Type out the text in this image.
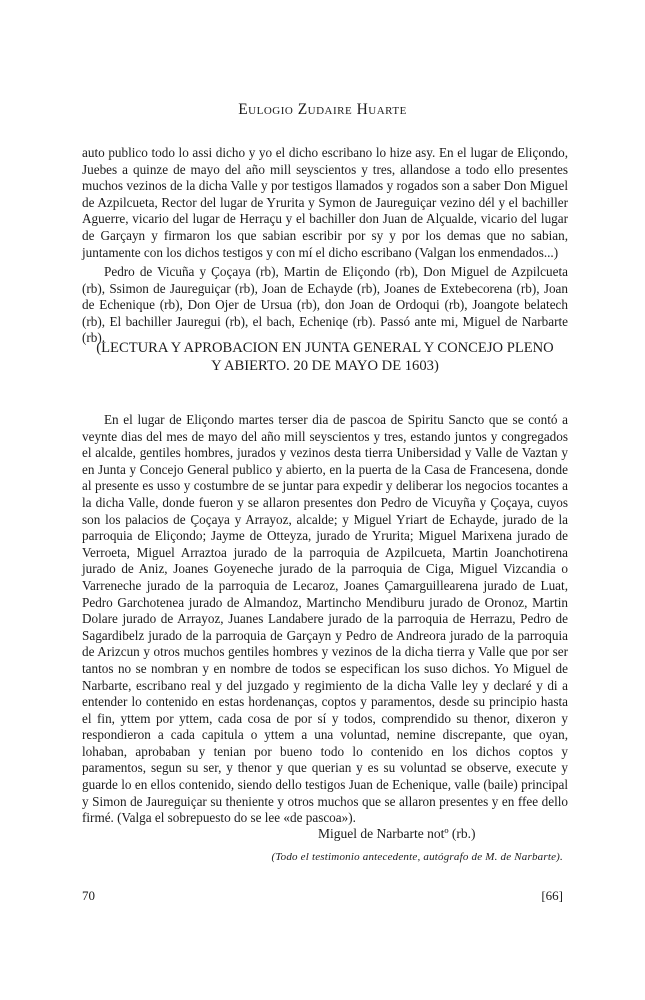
Eulogio Zudaire Huarte
auto publico todo lo assi dicho y yo el dicho escribano lo hize asy. En el lugar de Eliçondo, Juebes a quinze de mayo del año mill seyscientos y tres, allandose a todo ello presentes muchos vezinos de la dicha Valle y por testigos llamados y rogados son a saber Don Miguel de Azpilcueta, Rector del lugar de Yrurita y Symon de Jaureguiçar vezino dél y el bachiller Aguerre, vicario del lugar de Herraçu y el bachiller don Juan de Alçualde, vicario del lugar de Garçayn y firmaron los que sabian escribir por sy y por los demas que no sabian, juntamente con los dichos testigos y con mí el dicho escribano (Valgan los enmendados...)
Pedro de Vicuña y Çoçaya (rb), Martin de Eliçondo (rb), Don Miguel de Azpilcueta (rb), Ssimon de Jaureguiçar (rb), Joan de Echayde (rb), Joanes de Extebecorena (rb), Joan de Echenique (rb), Don Ojer de Ursua (rb), don Joan de Ordoqui (rb), Joangote belatech (rb), El bachiller Jauregui (rb), el bach, Echeniqe (rb). Passó ante mi, Miguel de Narbarte (rb).
(LECTURA Y APROBACION EN JUNTA GENERAL Y CONCEJO PLENO
Y ABIERTO. 20 DE MAYO DE 1603)
En el lugar de Eliçondo martes terser dia de pascoa de Spiritu Sancto que se contó a veynte dias del mes de mayo del año mill seyscientos y tres, estando juntos y congregados el alcalde, gentiles hombres, jurados y vezinos desta tierra Unibersidad y Valle de Vaztan y en Junta y Concejo General publico y abierto, en la puerta de la Casa de Francesena, donde al presente es usso y costumbre de se juntar para expedir y deliberar los negocios tocantes a la dicha Valle, donde fueron y se allaron presentes don Pedro de Vicuyña y Çoçaya, cuyos son los palacios de Çoçaya y Arrayoz, alcalde; y Miguel Yriart de Echayde, jurado de la parroquia de Eliçondo; Jayme de Otteyza, jurado de Yrurita; Miguel Marixena jurado de Verroeta, Miguel Arraztoa jurado de la parroquia de Azpilcueta, Martin Joanchotirena jurado de Aniz, Joanes Goyeneche jurado de la parroquia de Ciga, Miguel Vizcandia o Varreneche jurado de la parroquia de Lecaroz, Joanes Çamarguillearena jurado de Luat, Pedro Garchotenea jurado de Almandoz, Martincho Mendiburu jurado de Oronoz, Martin Dolare jurado de Arrayoz, Juanes Landabere jurado de la parroquia de Herrazu, Pedro de Sagardibelz jurado de la parroquia de Garçayn y Pedro de Andreora jurado de la parroquia de Arizcun y otros muchos gentiles hombres y vezinos de la dicha tierra y Valle que por ser tantos no se nombran y en nombre de todos se especifican los suso dichos. Yo Miguel de Narbarte, escribano real y del juzgado y regimiento de la dicha Valle ley y declaré y di a entender lo contenido en estas hordenanças, coptos y paramentos, desde su principio hasta el fin, yttem por yttem, cada cosa de por sí y todos, comprendido su thenor, dixeron y respondieron a cada capitula o yttem a una voluntad, nemine discrepante, que oyan, lohaban, aprobaban y tenian por bueno todo lo contenido en los dichos coptos y paramentos, segun su ser, y thenor y que querian y es su voluntad se observe, execute y guarde lo en ellos contenido, siendo dello testigos Juan de Echenique, valle (baile) principal y Simon de Jaureguiçar su theniente y otros muchos que se allaron presentes y en ffee dello firmé. (Valga el sobrepuesto do se lee «de pascoa»).
Miguel de Narbarte notº (rb.)
(Todo el testimonio antecedente, autógrafo de M. de Narbarte).
70	[66]
